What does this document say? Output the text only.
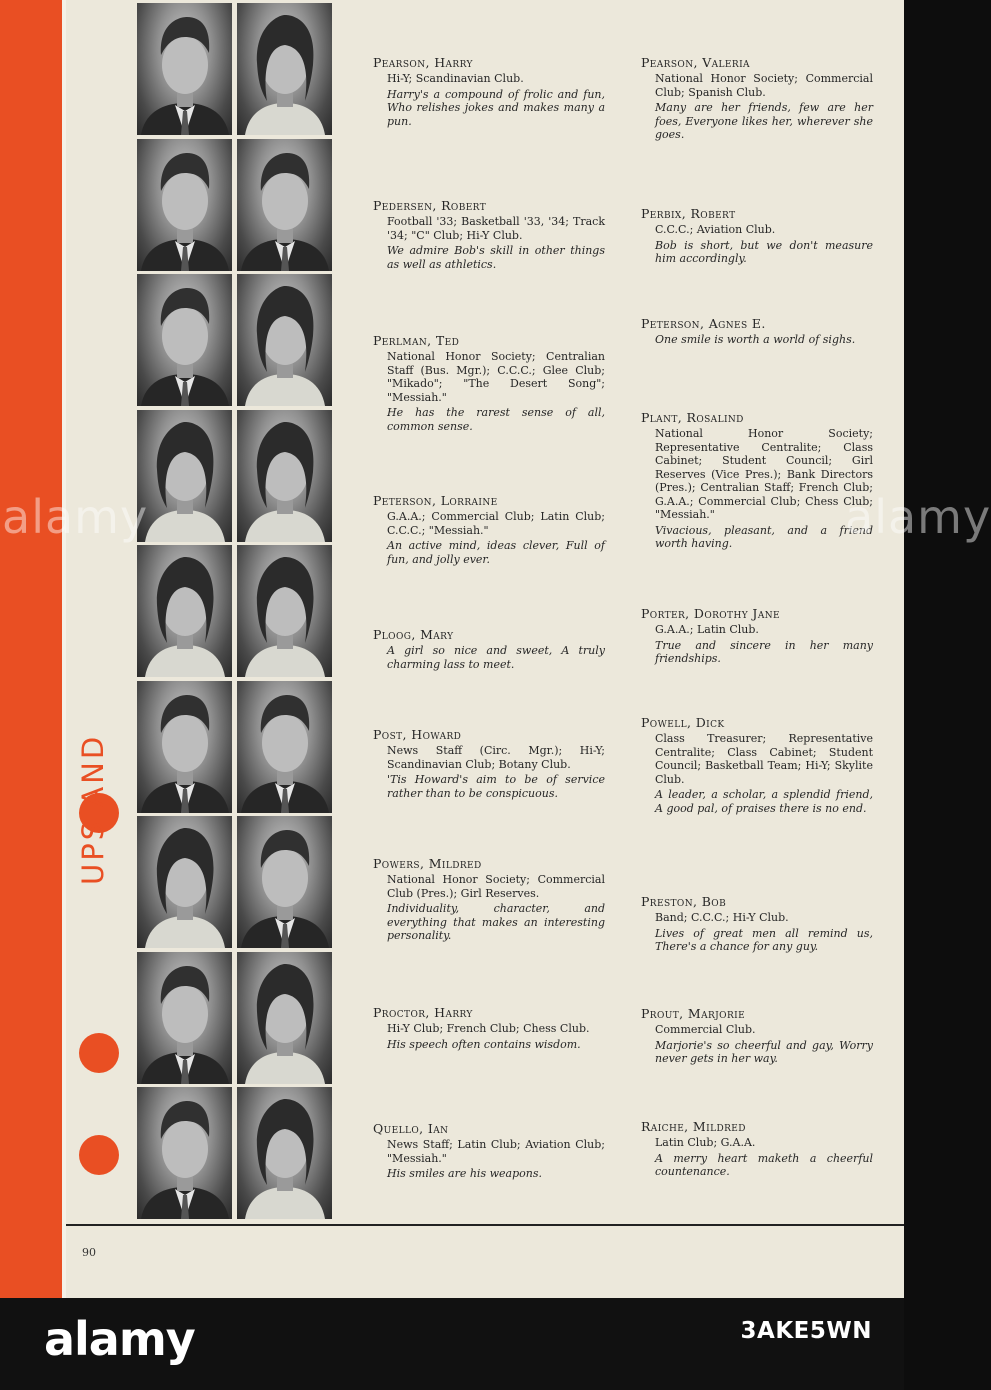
UPS AND
Pearson, Harry
Hi-Y; Scandinavian Club.
Harry's a compound of frolic and fun, Who relishes jokes and makes many a pun.
Pedersen, Robert
Football '33; Basketball '33, '34; Track '34; "C" Club; Hi-Y Club.
We admire Bob's skill in other things as well as athletics.
Perlman, Ted
National Honor Society; Centralian Staff (Bus. Mgr.); C.C.C.; Glee Club; "Mikado"; "The Desert Song"; "Messiah."
He has the rarest sense of all, common sense.
Peterson, Lorraine
G.A.A.; Commercial Club; Latin Club; C.C.C.; "Messiah."
An active mind, ideas clever, Full of fun, and jolly ever.
Ploog, Mary
A girl so nice and sweet, A truly charming lass to meet.
Post, Howard
News Staff (Circ. Mgr.); Hi-Y; Scandinavian Club; Botany Club.
'Tis Howard's aim to be of service rather than to be conspicuous.
Powers, Mildred
National Honor Society; Commercial Club (Pres.); Girl Reserves.
Individuality, character, and everything that makes an interesting personality.
Proctor, Harry
Hi-Y Club; French Club; Chess Club.
His speech often contains wisdom.
Quello, Ian
News Staff; Latin Club; Aviation Club; "Messiah."
His smiles are his weapons.
Pearson, Valeria
National Honor Society; Commercial Club; Spanish Club.
Many are her friends, few are her foes, Everyone likes her, wherever she goes.
Perbix, Robert
C.C.C.; Aviation Club.
Bob is short, but we don't measure him accordingly.
Peterson, Agnes E.
One smile is worth a world of sighs.
Plant, Rosalind
National Honor Society; Representative Centralite; Class Cabinet; Student Council; Girl Reserves (Vice Pres.); Bank Directors (Pres.); Centralian Staff; French Club; G.A.A.; Commercial Club; Chess Club; "Messiah."
Vivacious, pleasant, and a friend worth having.
Porter, Dorothy Jane
G.A.A.; Latin Club.
True and sincere in her many friendships.
Powell, Dick
Class Treasurer; Representative Centralite; Class Cabinet; Student Council; Basketball Team; Hi-Y; Skylite Club.
A leader, a scholar, a splendid friend, A good pal, of praises there is no end.
Preston, Bob
Band; C.C.C.; Hi-Y Club.
Lives of great men all remind us, There's a chance for any guy.
Prout, Marjorie
Commercial Club.
Marjorie's so cheerful and gay, Worry never gets in her way.
Raiche, Mildred
Latin Club; G.A.A.
A merry heart maketh a cheerful countenance.
90
alamy	alamy
alamy	3AKE5WN
